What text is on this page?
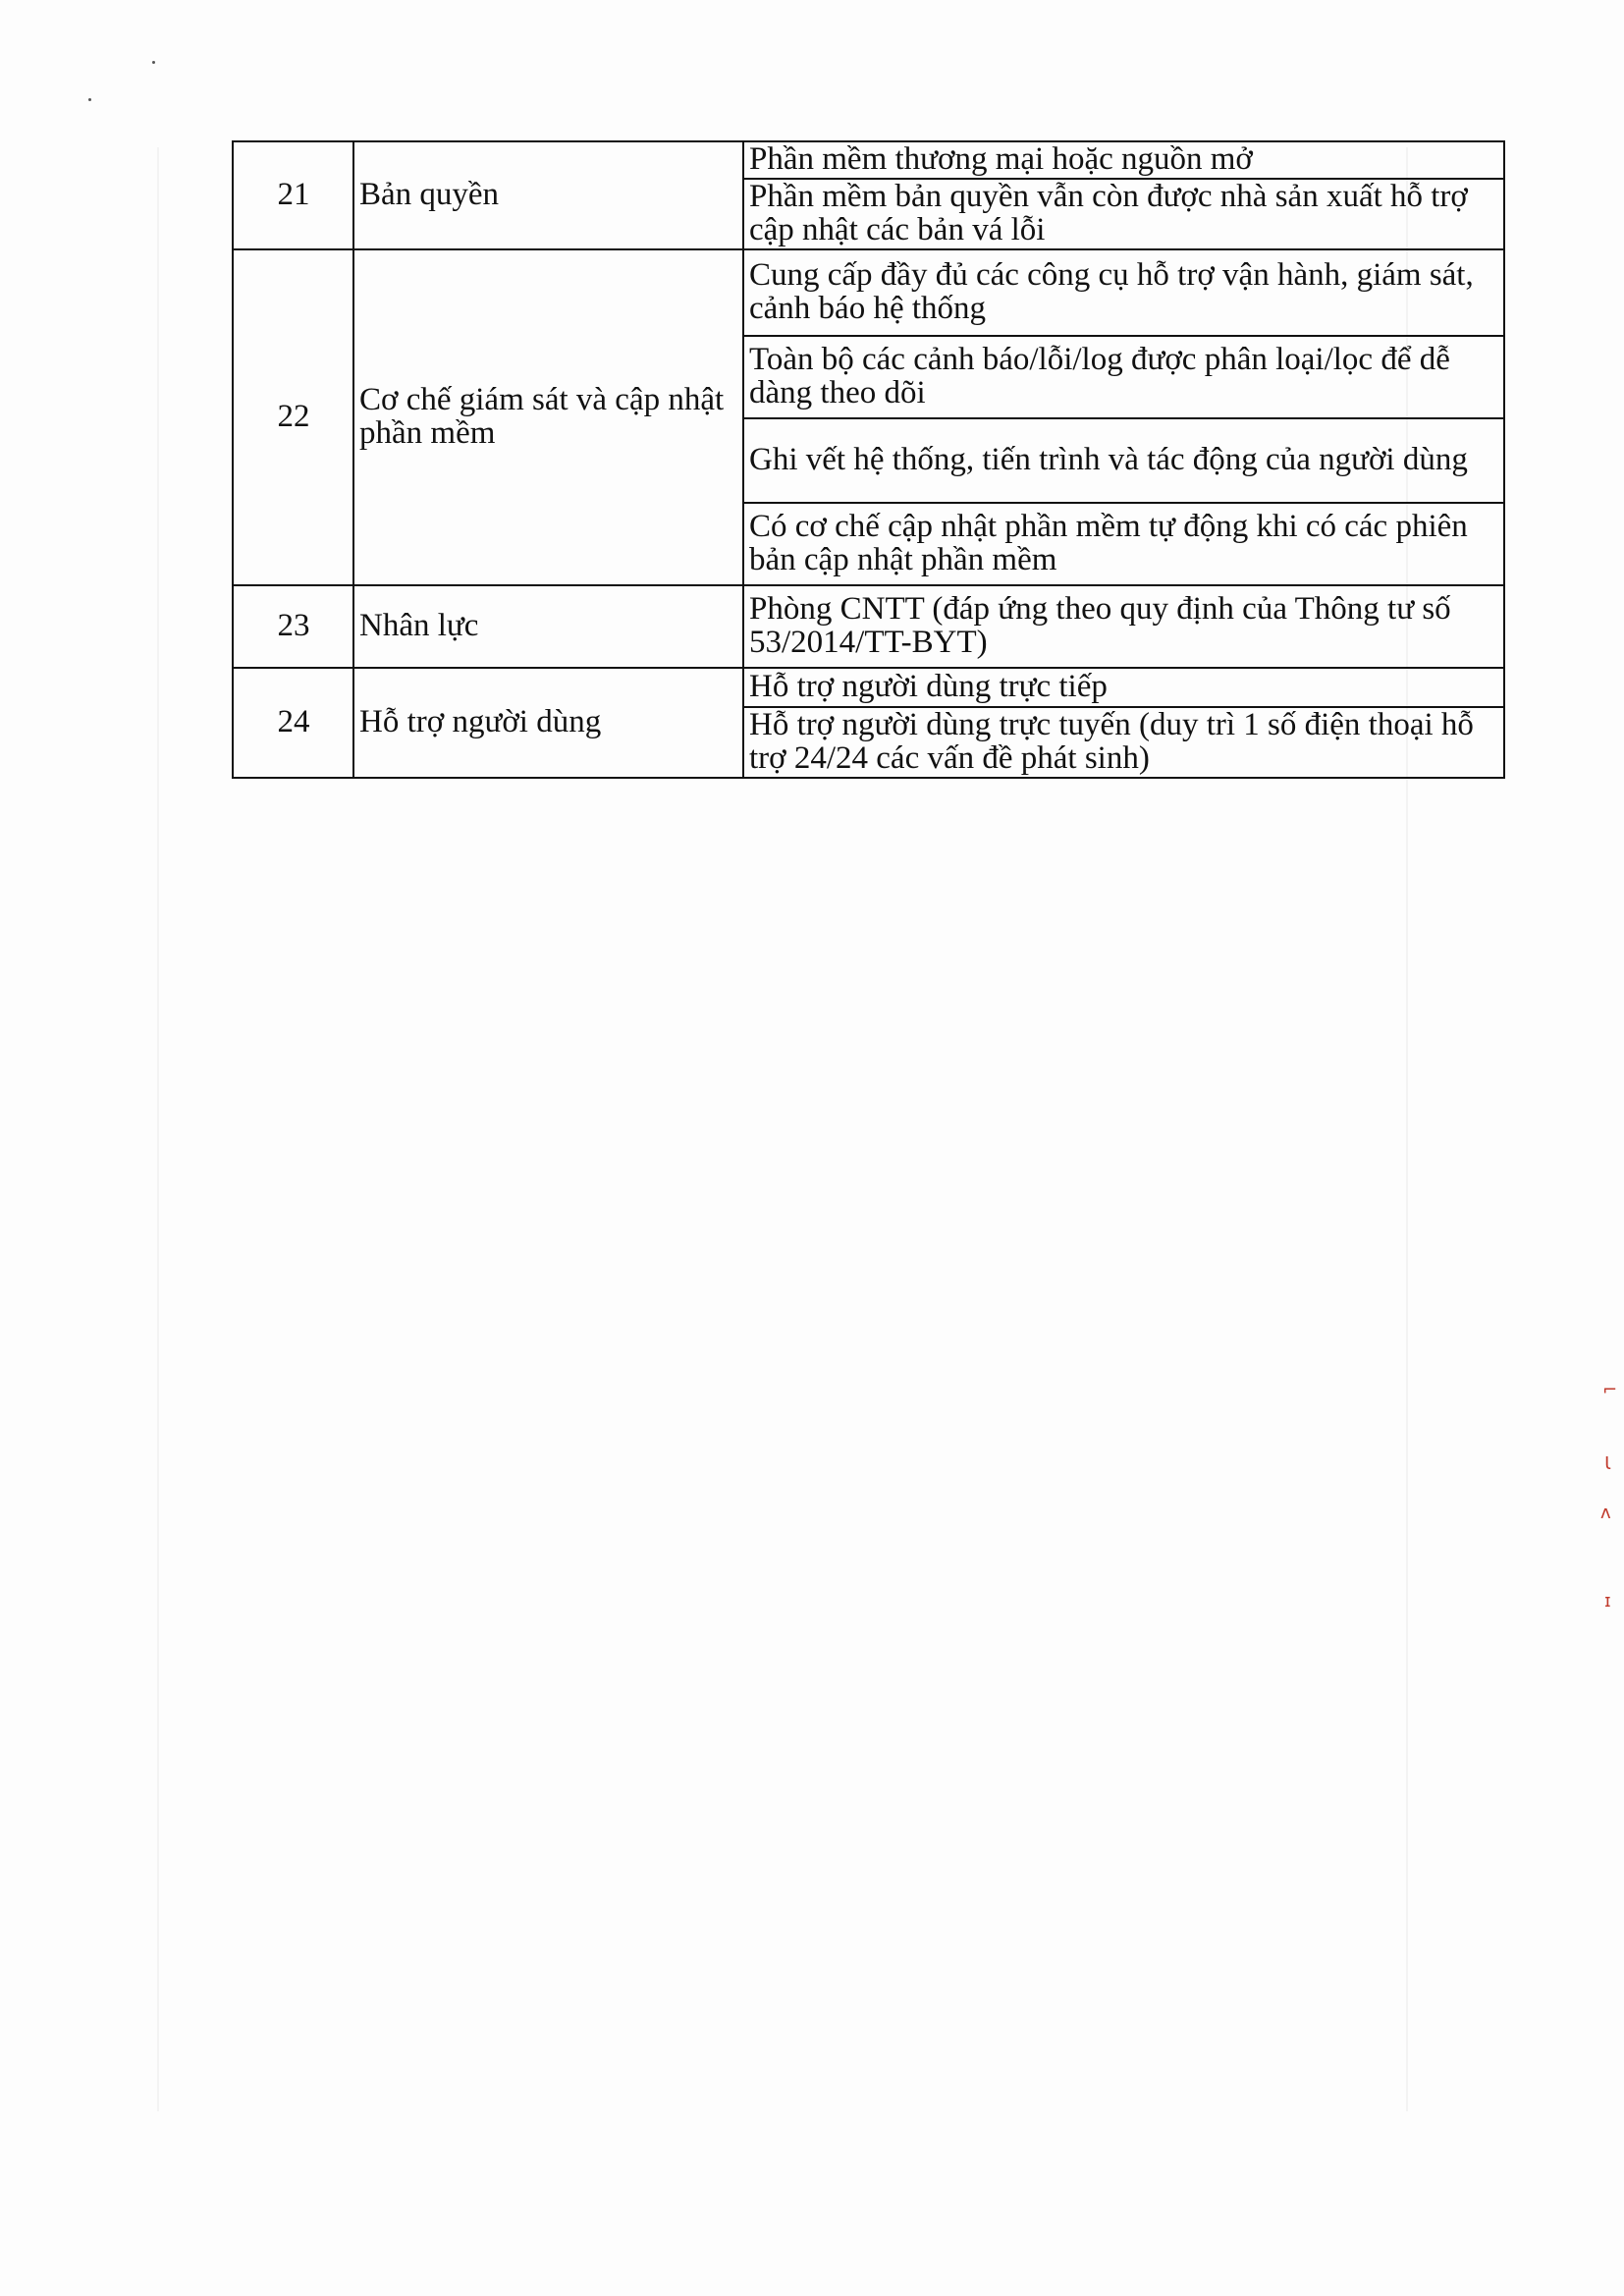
⌐
Ɩ
ʌ
ɪ
21	Bản quyền	Phần mềm thương mại hoặc nguồn mở
		Phần mềm bản quyền vẫn còn được nhà sản xuất hỗ trợ cập nhật các bản vá lỗi
22	Cơ chế giám sát và cập nhật phần mềm	Cung cấp đầy đủ các công cụ hỗ trợ vận hành, giám sát, cảnh báo hệ thống
		Toàn bộ các cảnh báo/lỗi/log được phân loại/lọc để dễ dàng theo dõi
		Ghi vết hệ thống, tiến trình và tác động của người dùng
		Có cơ chế cập nhật phần mềm tự động khi có các phiên bản cập nhật phần mềm
23	Nhân lực	Phòng CNTT (đáp ứng theo quy định của Thông tư số 53/2014/TT-BYT)
24	Hỗ trợ người dùng	Hỗ trợ người dùng trực tiếp
		Hỗ trợ người dùng trực tuyến (duy trì 1 số điện thoại hỗ trợ 24/24 các vấn đề phát sinh)
